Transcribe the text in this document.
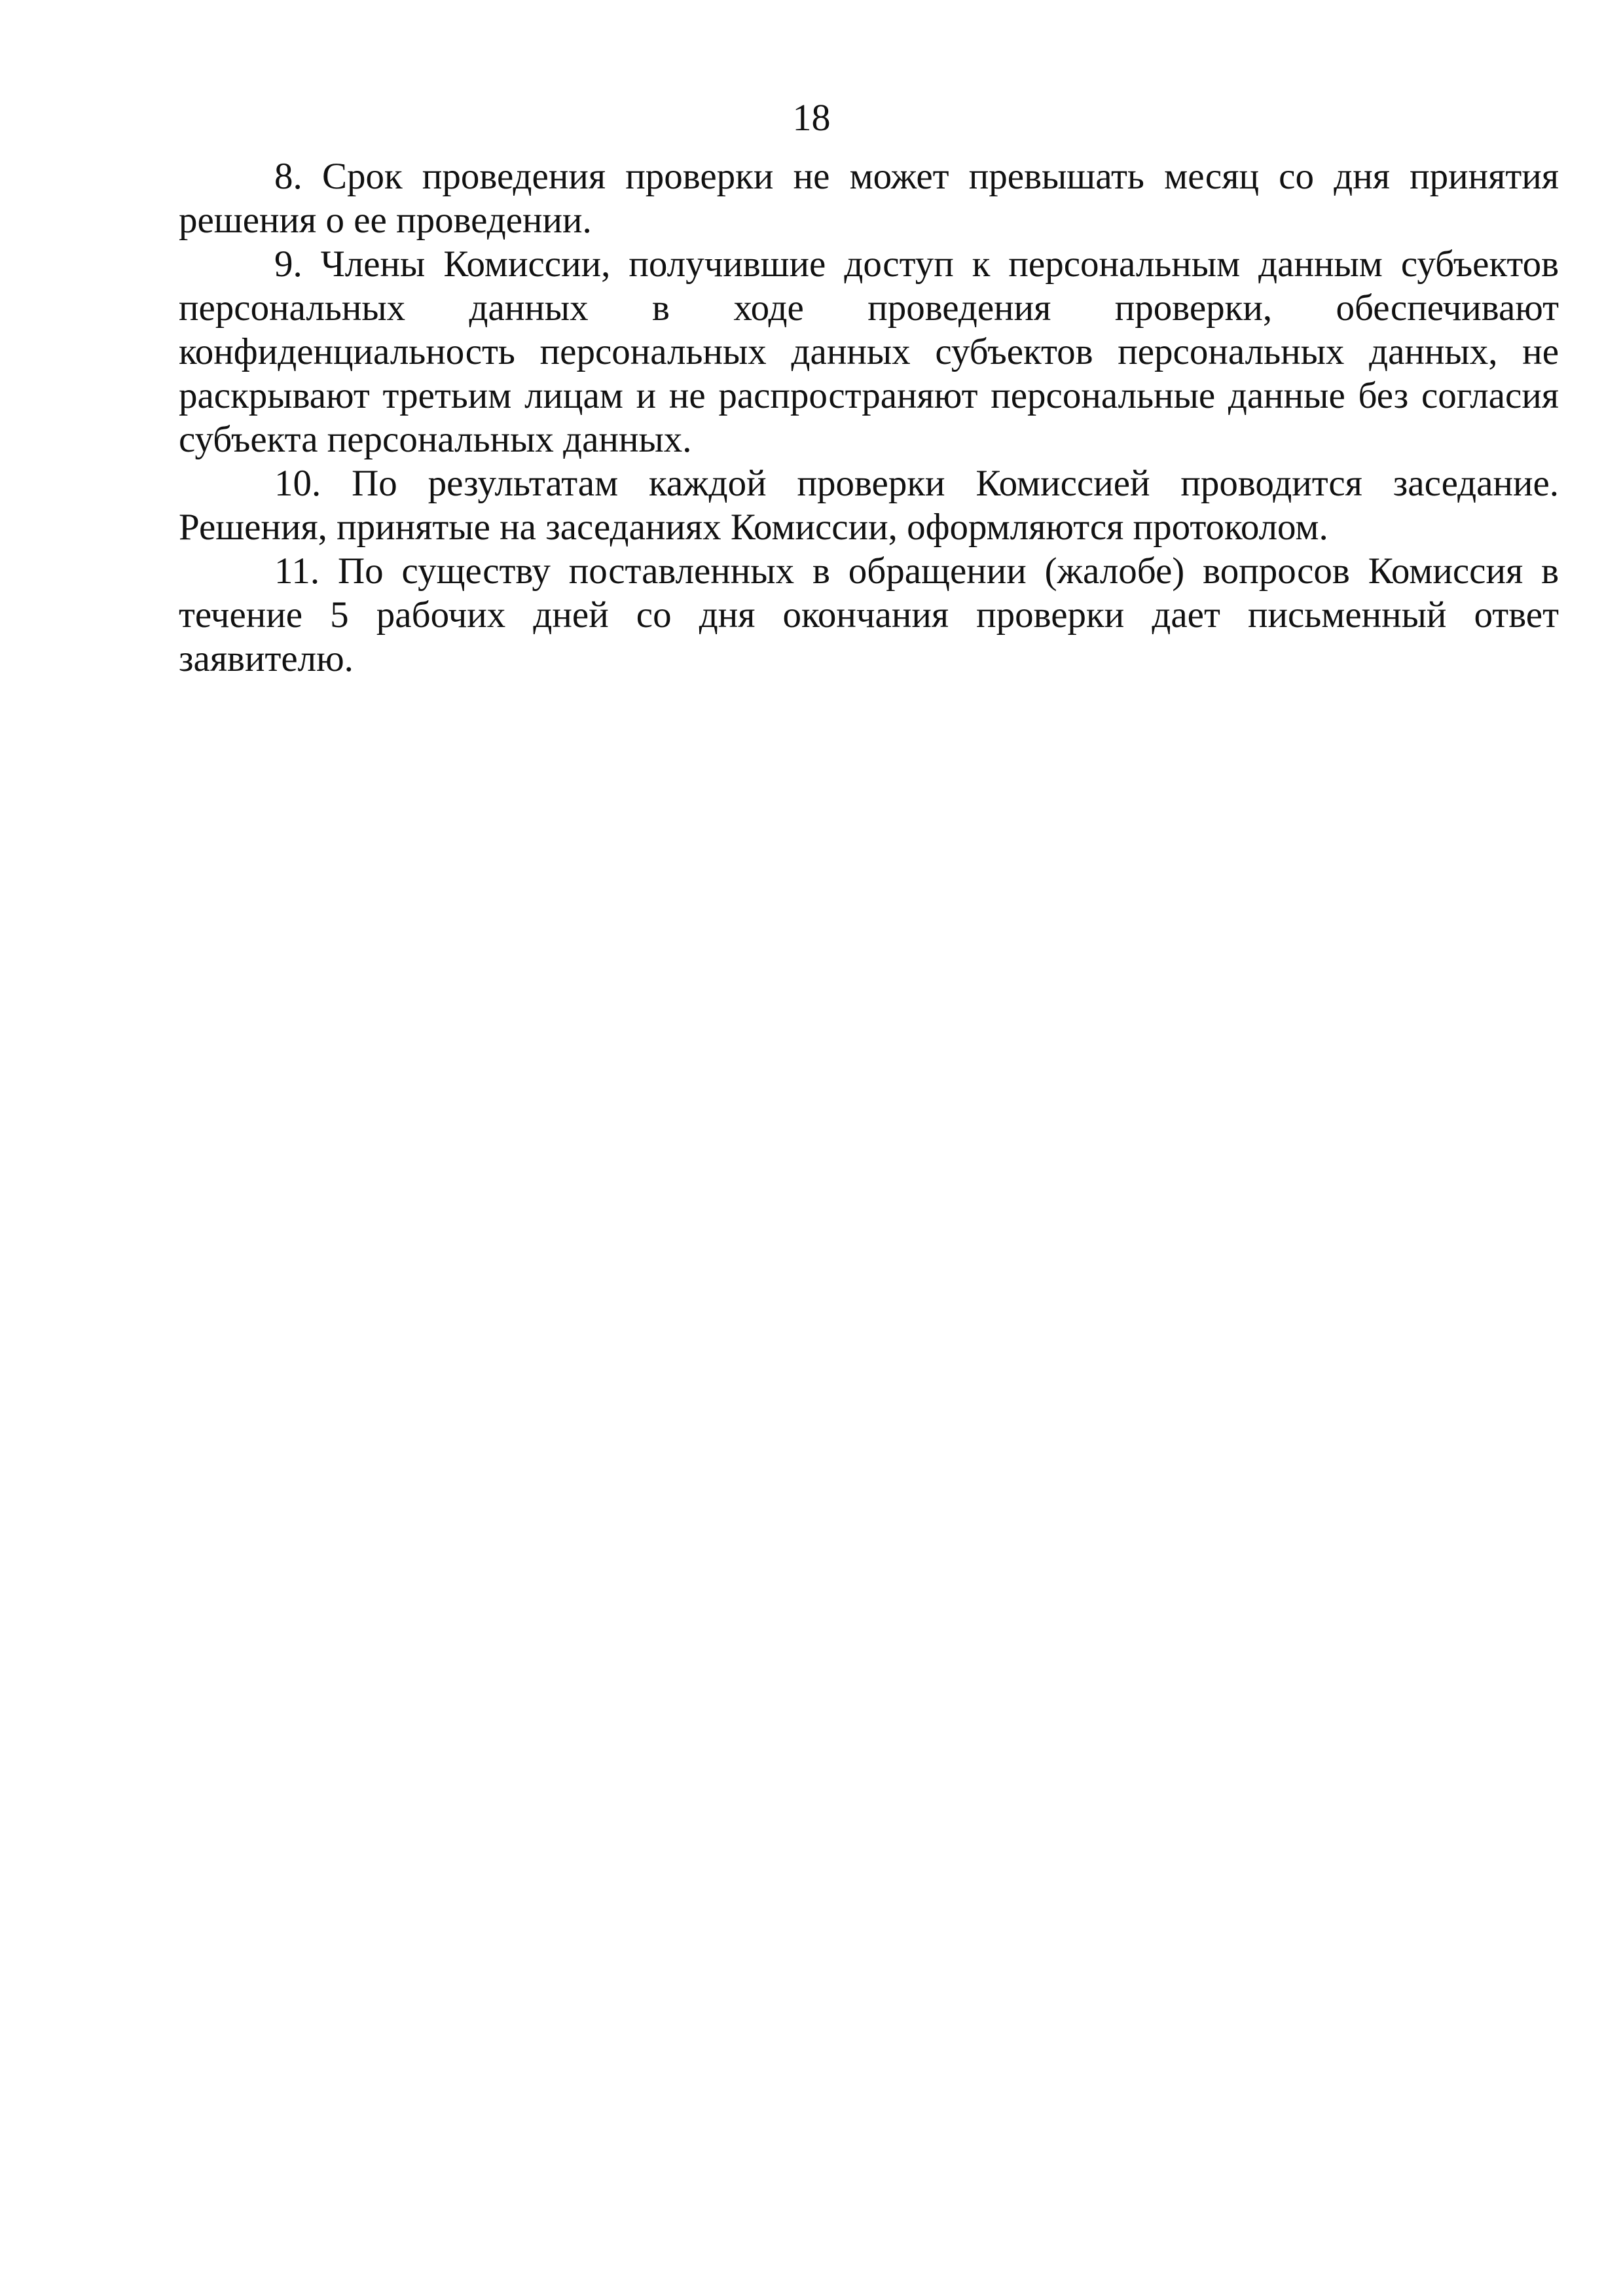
18

8. Срок проведения проверки не может превышать месяц со дня принятия решения о ее проведении.

9. Члены Комиссии, получившие доступ к персональным данным субъектов персональных данных в ходе проведения проверки, обеспечивают конфиденциальность персональных данных субъектов персональных данных, не раскрывают третьим лицам и не распространяют персональные данные без согласия субъекта персональных данных.

10. По результатам каждой проверки Комиссией проводится заседание. Решения, принятые на заседаниях Комиссии, оформляются протоколом.

11. По существу поставленных в обращении (жалобе) вопросов Комиссия в течение 5 рабочих дней со дня окончания проверки дает письменный ответ заявителю.
